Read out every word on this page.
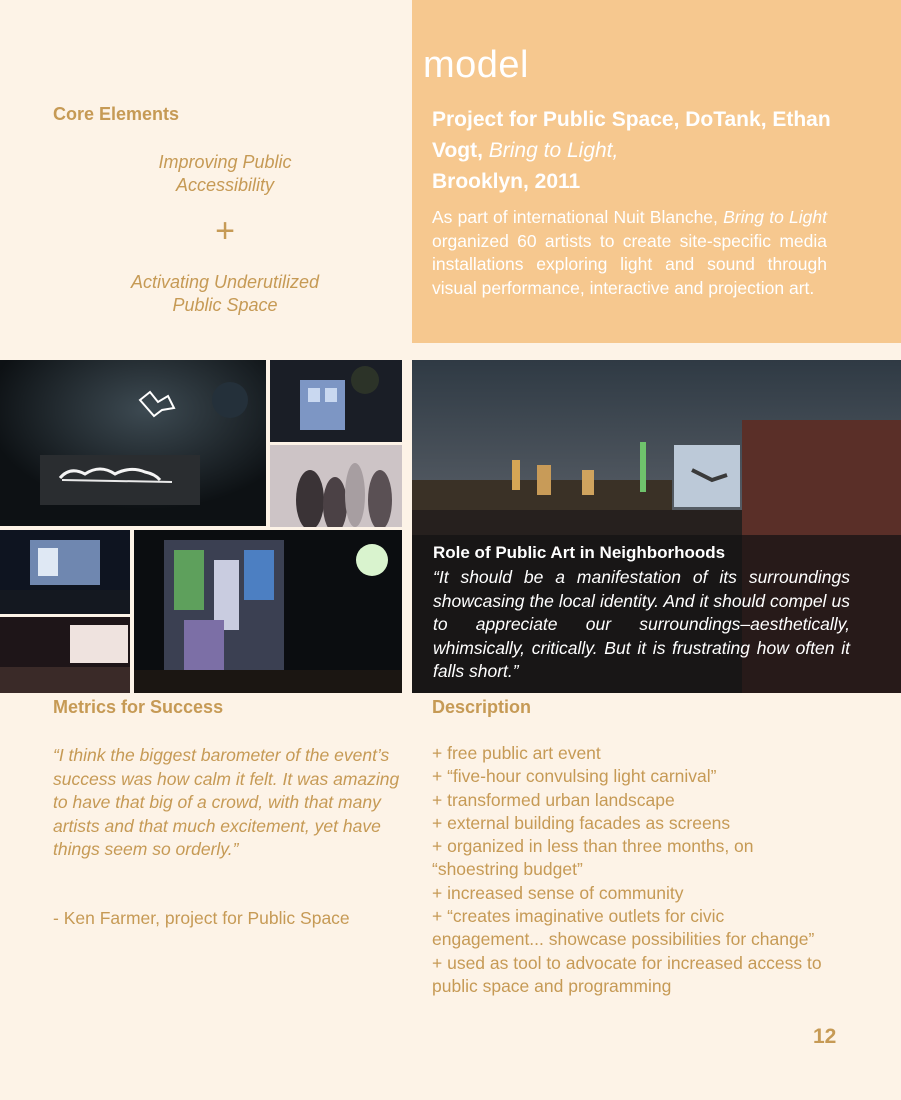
Core Elements
Improving Public
Accessibility
+
Activating Underutilized
Public Space
model
Project for Public Space, DoTank, Ethan Vogt, Bring to Light,
Brooklyn, 2011
As part of international Nuit Blanche, Bring to Light organized 60 artists to create site-specific media installations exploring light and sound through visual performance, interactive and projection art.
Role of Public Art in Neighborhoods
“It should be a manifestation of its surroundings showcasing the local identity. And it should compel us to appreciate our surroundings–aesthetically, whimsically, critically. But it is frustrating how often it falls short.”
Metrics for Success
“I think the biggest barometer of the event’s success was how calm it felt. It was amazing to have that big of a crowd, with that many artists and that much excitement, yet have things seem so orderly.”
- Ken Farmer, project for Public Space
Description
+ free public art event
+ “five-hour convulsing light carnival”
+ transformed urban landscape
+ external building facades as screens
+ organized in less than three months, on “shoestring budget”
+ increased sense of community
+ “creates imaginative outlets for civic engagement... showcase possibilities for change”
+ used as tool to advocate for increased access to public space and programming
12
